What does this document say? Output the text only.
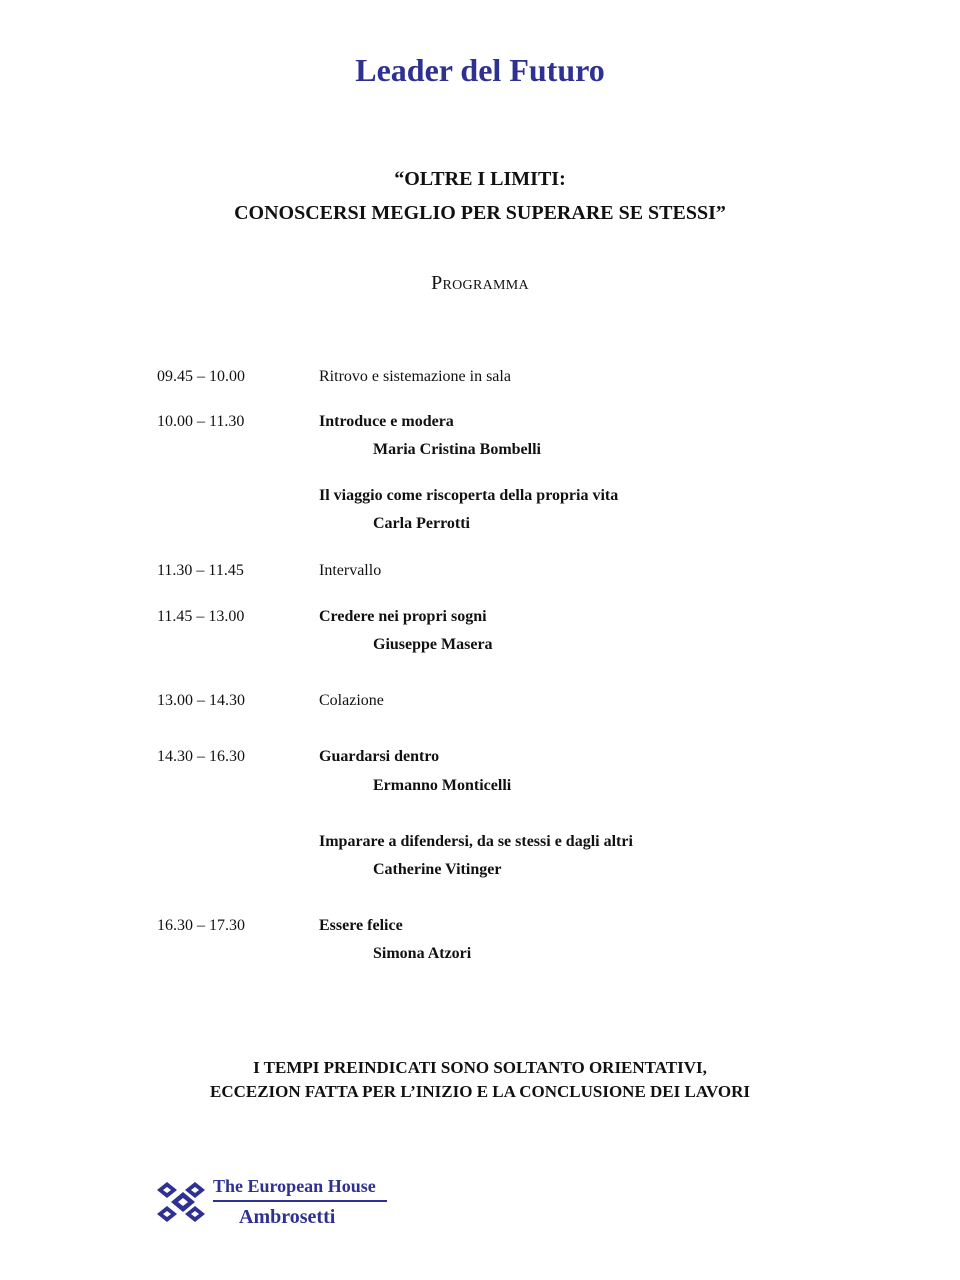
Leader del Futuro
“OLTRE I LIMITI:
CONOSCERSI MEGLIO PER SUPERARE SE STESSI”
Programma
09.45 – 10.00	Ritrovo e sistemazione in sala
10.00 – 11.30	Introduce e modera
Maria Cristina Bombelli
Il viaggio come riscoperta della propria vita
Carla Perrotti
11.30 – 11.45	Intervallo
11.45 – 13.00	Credere nei propri sogni
Giuseppe Masera
13.00 – 14.30	Colazione
14.30 – 16.30	Guardarsi dentro
Ermanno Monticelli
Imparare a difendersi, da se stessi e dagli altri
Catherine Vitinger
16.30 – 17.30	Essere felice
Simona Atzori
I TEMPI PREINDICATI SONO SOLTANTO ORIENTATIVI,
ECCEZION FATTA PER L’INIZIO E LA CONCLUSIONE DEI LAVORI
The European House
Ambrosetti
